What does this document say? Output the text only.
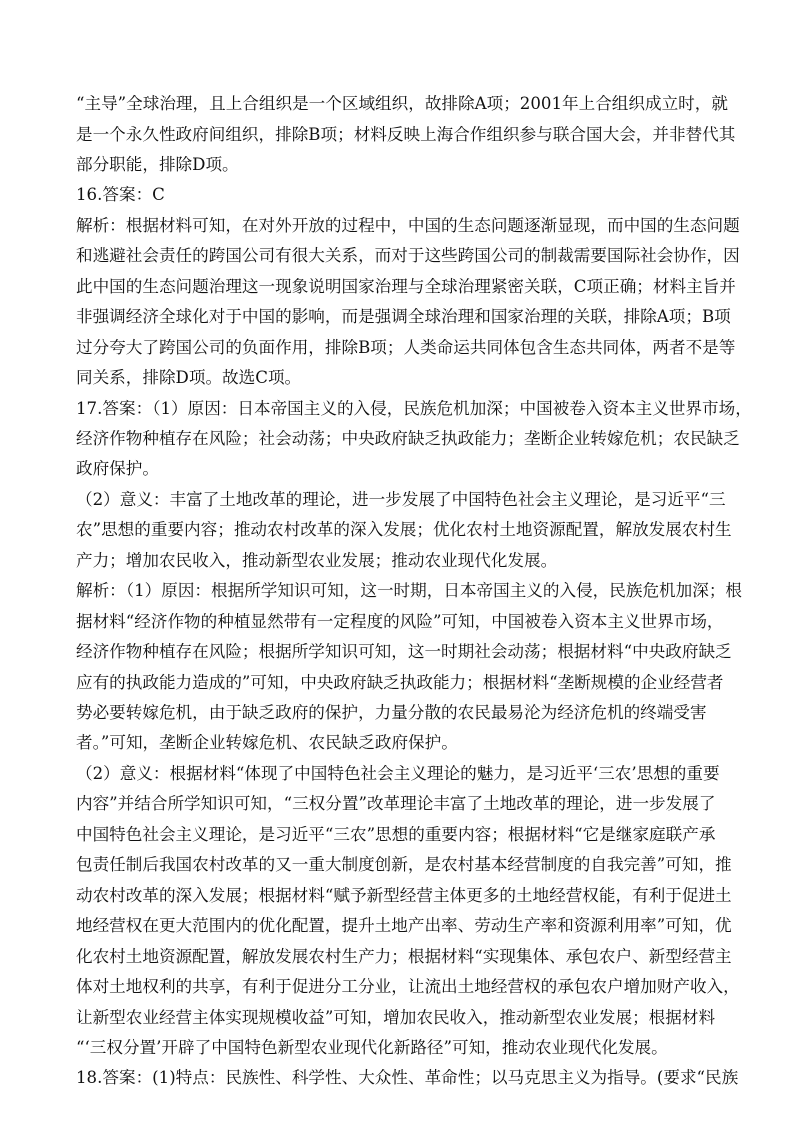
“主导”全球治理，且上合组织是一个区域组织，故排除A项；2001年上合组织成立时，就
是一个永久性政府间组织，排除B项；材料反映上海合作组织参与联合国大会，并非替代其
部分职能，排除D项。
16.答案：C
解析：根据材料可知，在对外开放的过程中，中国的生态问题逐渐显现，而中国的生态问题
和逃避社会责任的跨国公司有很大关系，而对于这些跨国公司的制裁需要国际社会协作，因
此中国的生态问题治理这一现象说明国家治理与全球治理紧密关联，C项正确；材料主旨并
非强调经济全球化对于中国的影响，而是强调全球治理和国家治理的关联，排除A项；B项
过分夸大了跨国公司的负面作用，排除B项；人类命运共同体包含生态共同体，两者不是等
同关系，排除D项。故选C项。
17.答案：（1）原因：日本帝国主义的入侵，民族危机加深；中国被卷入资本主义世界市场，
经济作物种植存在风险；社会动荡；中央政府缺乏执政能力；垄断企业转嫁危机；农民缺乏
政府保护。
（2）意义：丰富了土地改革的理论，进一步发展了中国特色社会主义理论，是习近平“三
农”思想的重要内容；推动农村改革的深入发展；优化农村土地资源配置，解放发展农村生
产力；增加农民收入，推动新型农业发展；推动农业现代化发展。
解析：（1）原因：根据所学知识可知，这一时期，日本帝国主义的入侵，民族危机加深；根
据材料“经济作物的种植显然带有一定程度的风险”可知，中国被卷入资本主义世界市场，
经济作物种植存在风险；根据所学知识可知，这一时期社会动荡；根据材料“中央政府缺乏
应有的执政能力造成的”可知，中央政府缺乏执政能力；根据材料“垄断规模的企业经营者
势必要转嫁危机，由于缺乏政府的保护，力量分散的农民最易沦为经济危机的终端受害
者。”可知，垄断企业转嫁危机、农民缺乏政府保护。
（2）意义：根据材料“体现了中国特色社会主义理论的魅力，是习近平‘三农’思想的重要
内容”并结合所学知识可知，“三权分置”改革理论丰富了土地改革的理论，进一步发展了
中国特色社会主义理论，是习近平“三农”思想的重要内容；根据材料“它是继家庭联产承
包责任制后我国农村改革的又一重大制度创新，是农村基本经营制度的自我完善”可知，推
动农村改革的深入发展；根据材料“赋予新型经营主体更多的土地经营权能，有利于促进土
地经营权在更大范围内的优化配置，提升土地产出率、劳动生产率和资源利用率”可知，优
化农村土地资源配置，解放发展农村生产力；根据材料“实现集体、承包农户、新型经营主
体对土地权利的共享，有利于促进分工分业，让流出土地经营权的承包农户增加财产收入，
让新型农业经营主体实现规模收益”可知，增加农民收入，推动新型农业发展；根据材料
“‘三权分置’开辟了中国特色新型农业现代化新路径”可知，推动农业现代化发展。
18.答案：(1)特点：民族性、科学性、大众性、革命性；以马克思主义为指导。(要求“民族
